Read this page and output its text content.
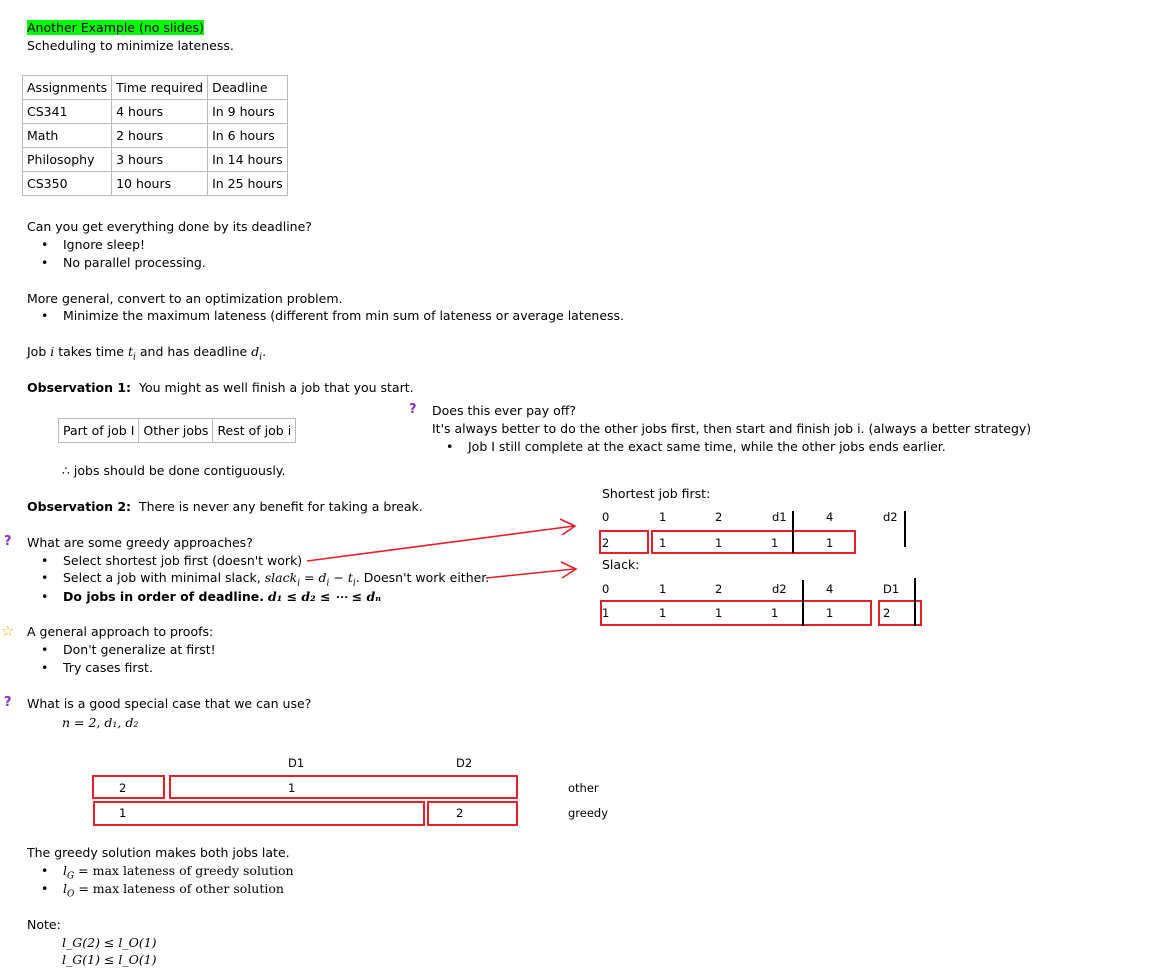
Another Example (no slides)
Scheduling to minimize lateness.
Assignments	Time required	Deadline
CS341	4 hours	In 9 hours
Math	2 hours	In 6 hours
Philosophy	3 hours	In 14 hours
CS350	10 hours	In 25 hours
Can you get everything done by its deadline?
• Ignore sleep!
• No parallel processing.
More general, convert to an optimization problem.
• Minimize the maximum lateness (different from min sum of lateness or average lateness.
Job i takes time $t_i$ and has deadline $d_i$.
Observation 1: You might as well finish a job that you start.
Part of job I	Other jobs	Rest of job i
∴ jobs should be done contiguously.
? Does this ever pay off?
It's always better to do the other jobs first, then start and finish job i. (always a better strategy)
• Job I still complete at the exact same time, while the other jobs ends earlier.
Observation 2: There is never any benefit for taking a break.
? What are some greedy approaches?
• Select shortest job first (doesn't work)
• Select a job with minimal slack, slack$_i$ = $d_i - t_i$. Doesn't work either.
• Do jobs in order of deadline. d₁ ≤ d₂ ≤ ⋯ ≤ dₙ
☆ A general approach to proofs:
• Don't generalize at first!
• Try cases first.
? What is a good special case that we can use?
n = 2, d₁, d₂
Shortest job first:
0	1	2	d1	4	d2
2	1	1	1	1
Slack:
0	1	2	d2	4	D1
1	1	1	1	1	2
D1	D2
2	1	other
1	2	greedy
The greedy solution makes both jobs late.
• $l_G = \max$ lateness of greedy solution
• $l_O = \max$ lateness of other solution
Note:
l_G(2) ≤ l_O(1)
l_G(1) ≤ l_O(1)
